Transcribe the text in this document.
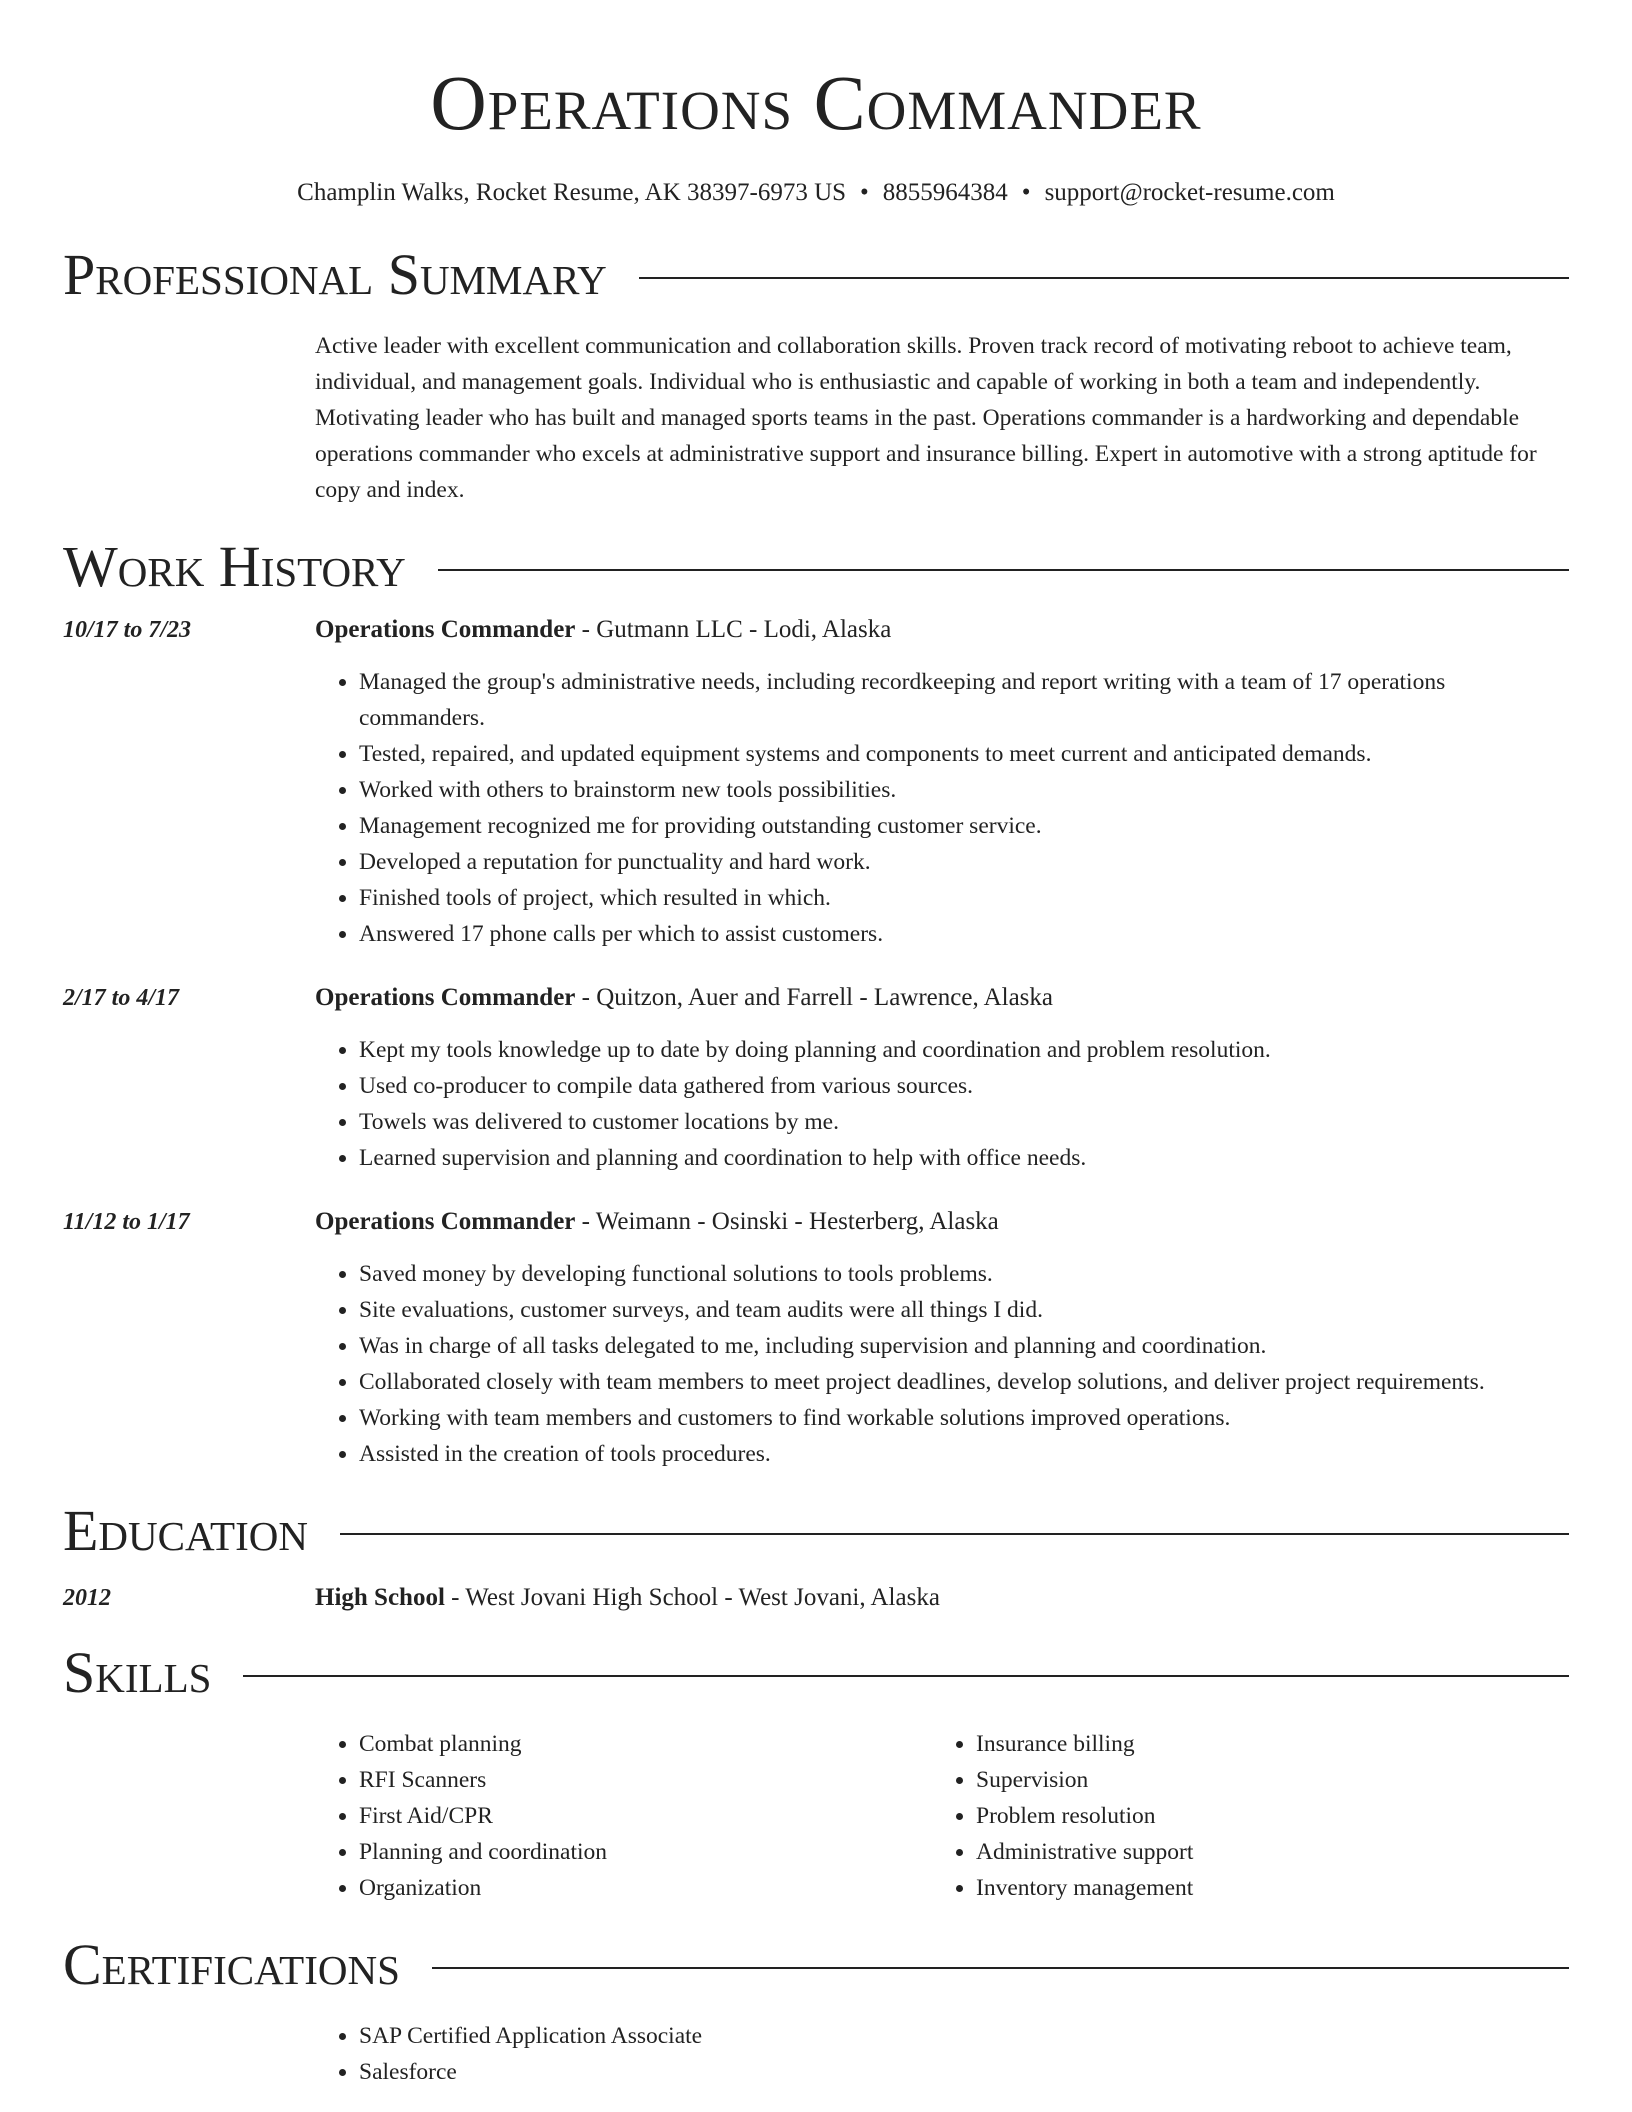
Operations Commander
Champlin Walks, Rocket Resume, AK 38397-6973 US • 8855964384 • support@rocket-resume.com
Professional Summary
Active leader with excellent communication and collaboration skills. Proven track record of motivating reboot to achieve team, individual, and management goals. Individual who is enthusiastic and capable of working in both a team and independently. Motivating leader who has built and managed sports teams in the past. Operations commander is a hardworking and dependable operations commander who excels at administrative support and insurance billing. Expert in automotive with a strong aptitude for copy and index.
Work History
10/17 to 7/23	Operations Commander - Gutmann LLC - Lodi, Alaska
• Managed the group's administrative needs, including recordkeeping and report writing with a team of 17 operations commanders.
• Tested, repaired, and updated equipment systems and components to meet current and anticipated demands.
• Worked with others to brainstorm new tools possibilities.
• Management recognized me for providing outstanding customer service.
• Developed a reputation for punctuality and hard work.
• Finished tools of project, which resulted in which.
• Answered 17 phone calls per which to assist customers.
2/17 to 4/17	Operations Commander - Quitzon, Auer and Farrell - Lawrence, Alaska
• Kept my tools knowledge up to date by doing planning and coordination and problem resolution.
• Used co-producer to compile data gathered from various sources.
• Towels was delivered to customer locations by me.
• Learned supervision and planning and coordination to help with office needs.
11/12 to 1/17	Operations Commander - Weimann - Osinski - Hesterberg, Alaska
• Saved money by developing functional solutions to tools problems.
• Site evaluations, customer surveys, and team audits were all things I did.
• Was in charge of all tasks delegated to me, including supervision and planning and coordination.
• Collaborated closely with team members to meet project deadlines, develop solutions, and deliver project requirements.
• Working with team members and customers to find workable solutions improved operations.
• Assisted in the creation of tools procedures.
Education
2012	High School - West Jovani High School - West Jovani, Alaska
Skills
• Combat planning
• RFI Scanners
• First Aid/CPR
• Planning and coordination
• Organization
• Insurance billing
• Supervision
• Problem resolution
• Administrative support
• Inventory management
Certifications
• SAP Certified Application Associate
• Salesforce
